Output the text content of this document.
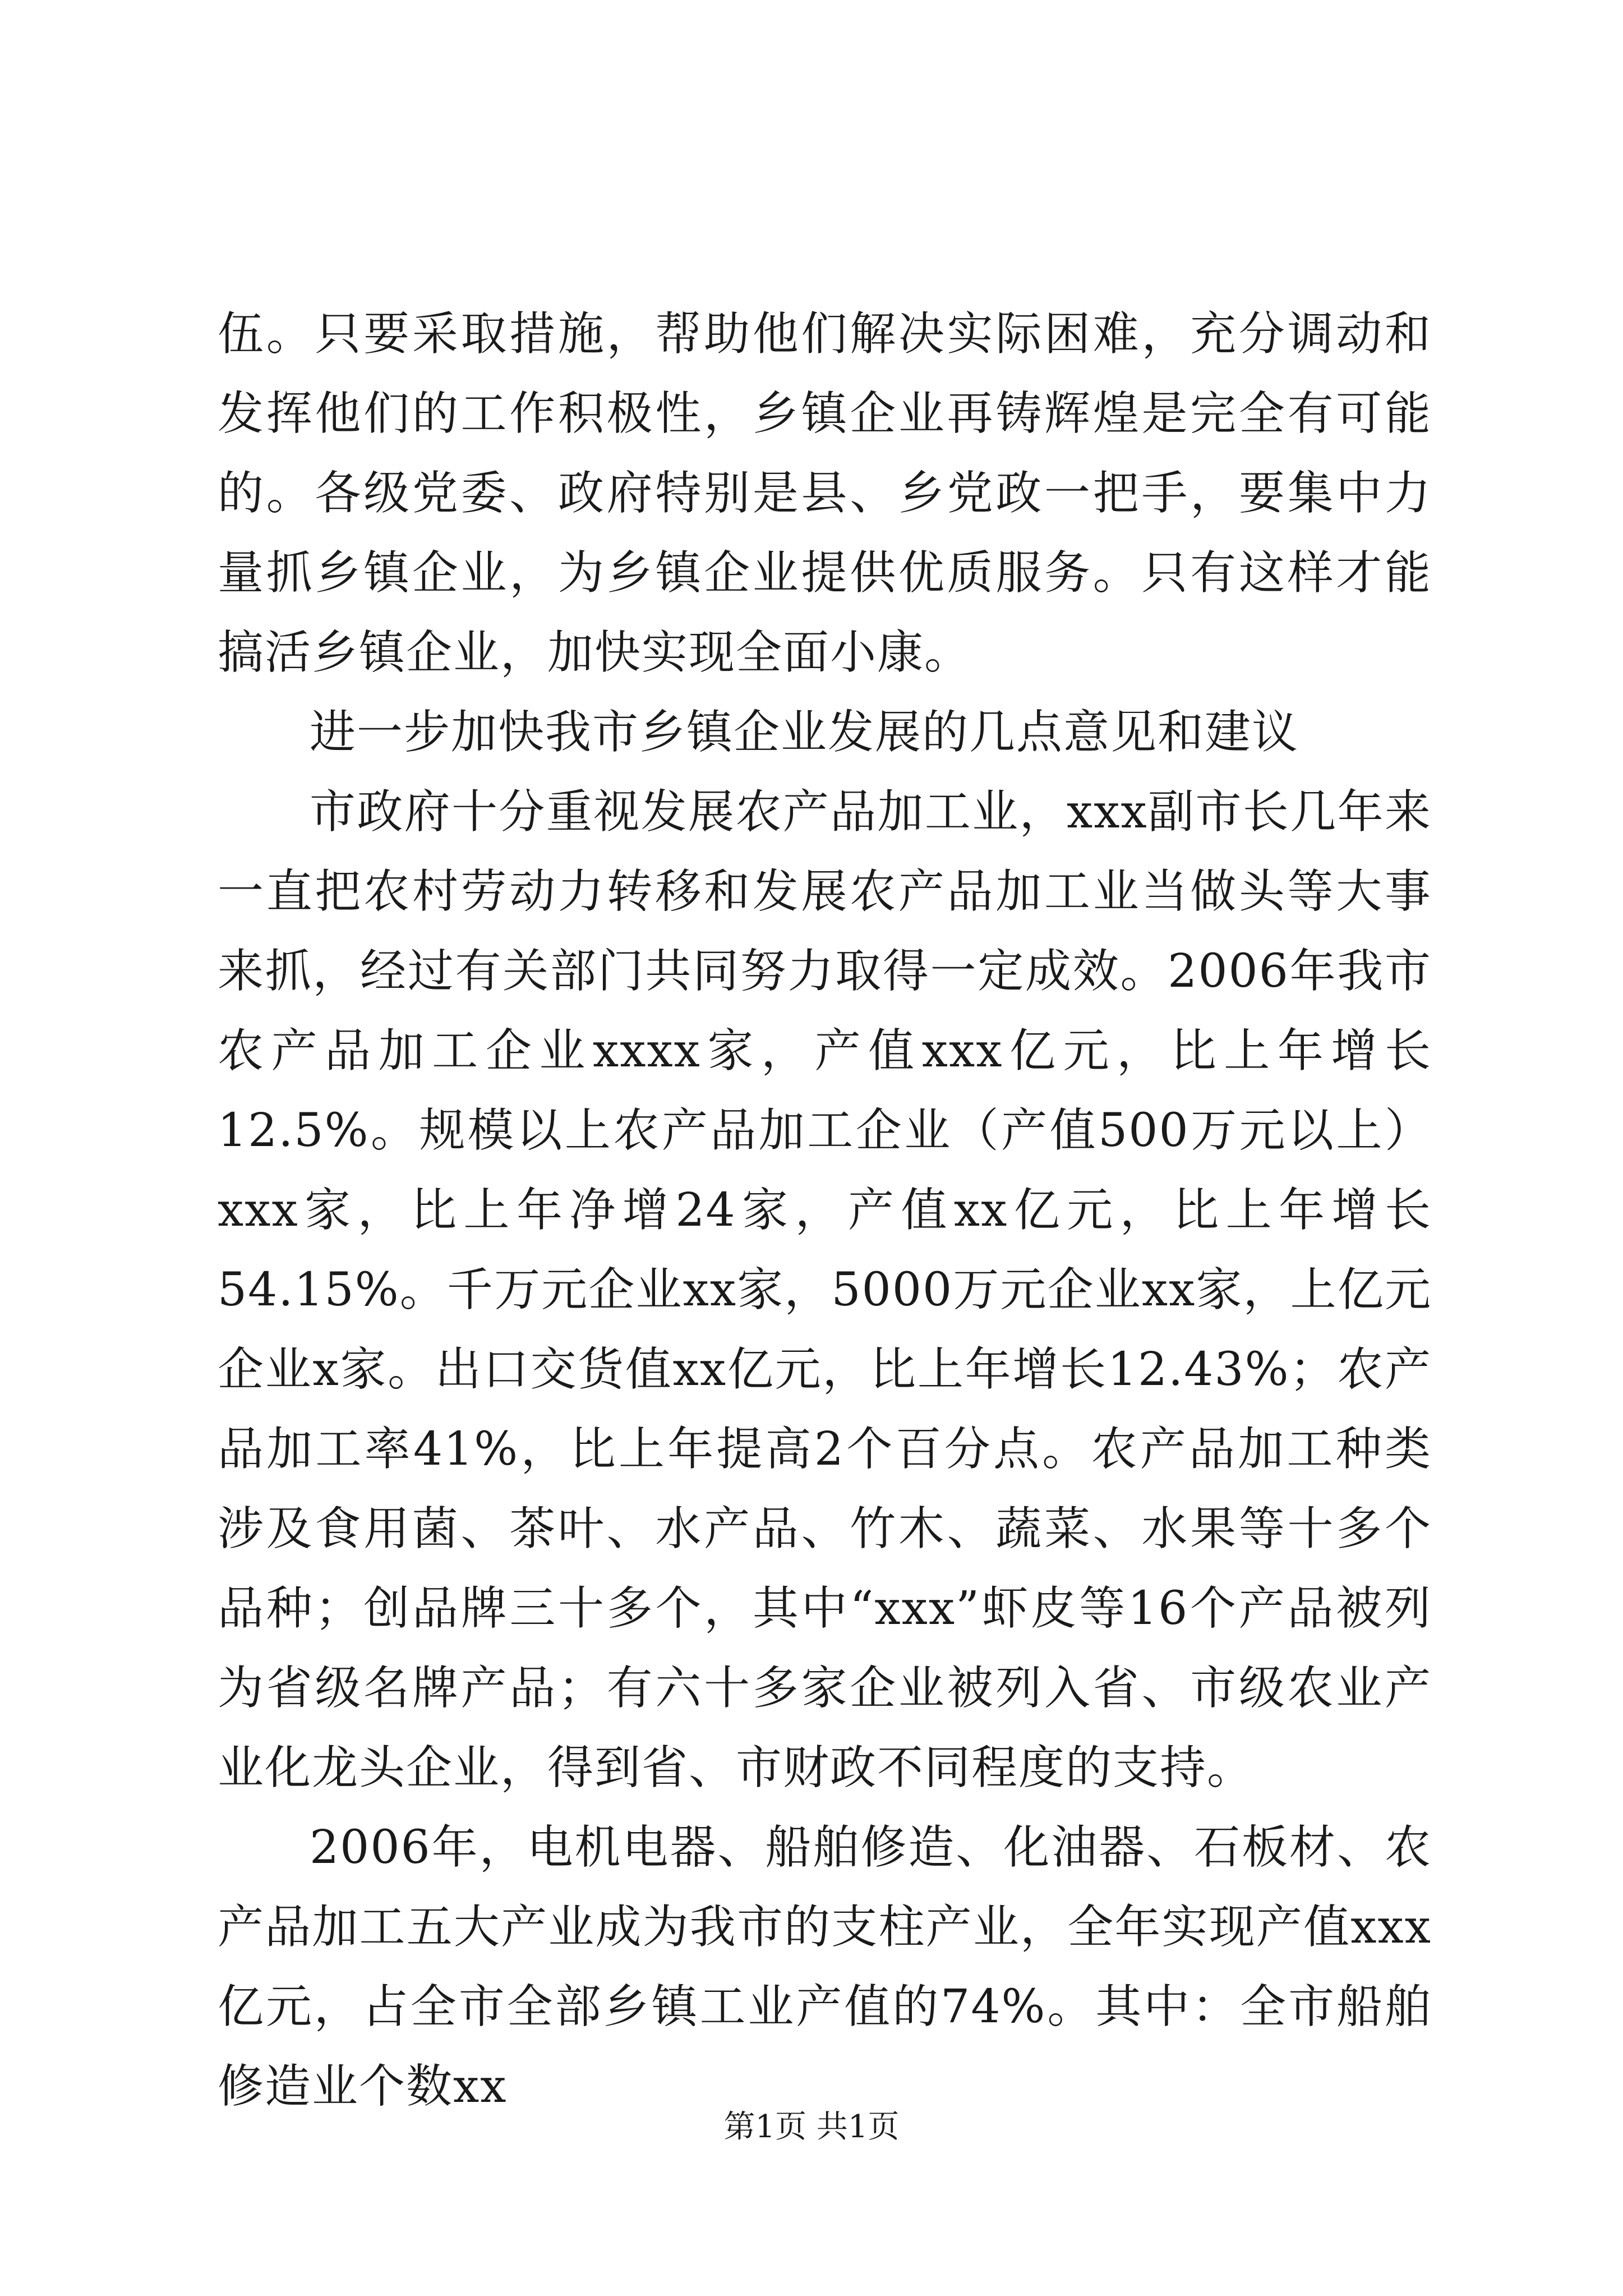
伍。只要采取措施，帮助他们解决实际困难，充分调动和发挥他们的工作积极性，乡镇企业再铸辉煌是完全有可能的。各级党委、政府特别是县、乡党政一把手，要集中力量抓乡镇企业，为乡镇企业提供优质服务。只有这样才能搞活乡镇企业，加快实现全面小康。

进一步加快我市乡镇企业发展的几点意见和建议

市政府十分重视发展农产品加工业，xxx副市长几年来一直把农村劳动力转移和发展农产品加工业当做头等大事来抓，经过有关部门共同努力取得一定成效。2006年我市农产品加工企业xxxx家，产值xxx亿元，比上年增长12.5%。规模以上农产品加工企业（产值500万元以上）xxx家，比上年净增24家，产值xx亿元，比上年增长54.15%。千万元企业xx家，5000万元企业xx家，上亿元企业x家。出口交货值xx亿元，比上年增长12.43%；农产品加工率41%，比上年提高2个百分点。农产品加工种类涉及食用菌、茶叶、水产品、竹木、蔬菜、水果等十多个品种；创品牌三十多个，其中“xxx”虾皮等16个产品被列为省级名牌产品；有六十多家企业被列入省、市级农业产业化龙头企业，得到省、市财政不同程度的支持。

2006年，电机电器、船舶修造、化油器、石板材、农产品加工五大产业成为我市的支柱产业，全年实现产值xxx亿元，占全市全部乡镇工业产值的74%。其中：全市船舶修造业个数xx

第1页 共1页
